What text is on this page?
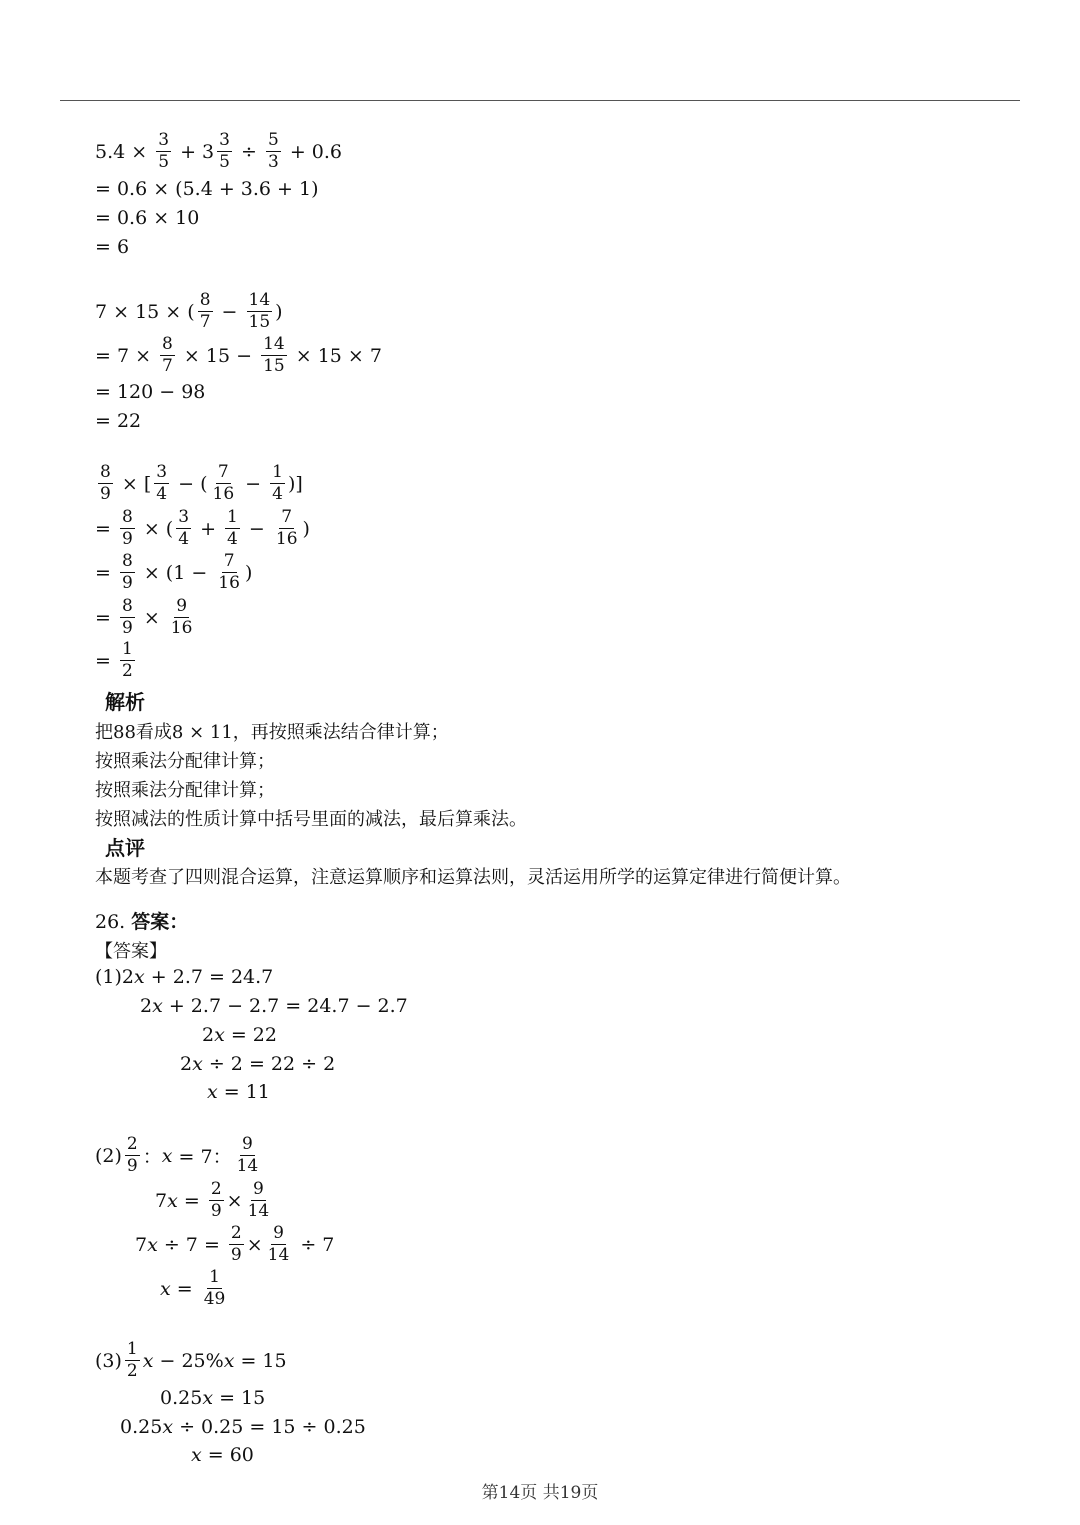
$5.4 \times \frac{3}{5} + 3 \frac{3}{5} \div \frac{5}{3} + 0.6$
= 0.6 × (5.4 + 3.6 + 1)
= 0.6 × 10
= 6
7 × 15 × ( $\frac{8}{7} - \frac{14}{15}$ )
= $7 \times \frac{8}{7} \times 15 - \frac{14}{15} \times 15 \times 7$
= 120 − 98
= 22
$\frac{8}{9}$ × [ $\frac{3}{4}$ − ( $\frac{7}{16} - \frac{1}{4}$ )]
= $\frac{8}{9}$ × ( $\frac{3}{4} + \frac{1}{4} - \frac{7}{16}$ )
= $\frac{8}{9} \times (1 - \frac{7}{16}$ )
= $\frac{8}{9} \times \frac{9}{16}$
= $\frac{1}{2}$
解析
把88看成8 × 11，再按照乘法结合律计算；
按照乘法分配律计算；
按照乘法分配律计算；
按照减法的性质计算中括号里面的减法，最后算乘法。
点评
本题考查了四则混合运算，注意运算顺序和运算法则，灵活运用所学的运算定律进行简便计算。
26. 答案：
【答案】
(1)2 x + 2.7 = 24.7
2 x + 2.7 − 2.7 = 24.7 − 2.7
2 x = 22
2 x ÷ 2 = 22 ÷ 2
x = 11
$(2) \frac{2}{9}$ ： x = 7： $\frac{9}{14}$
7 $x = \frac{2}{9} \times \frac{9}{14}$
7 $x \div 7 = \frac{2}{9} \times \frac{9}{14} \div 7$
$x = \frac{1}{49}$
$(3) \frac{1}{2}$ x − 25% x = 15
0.25 x = 15
0.25 x ÷ 0.25 = 15 ÷ 0.25
x = 60
第14页 共19页
